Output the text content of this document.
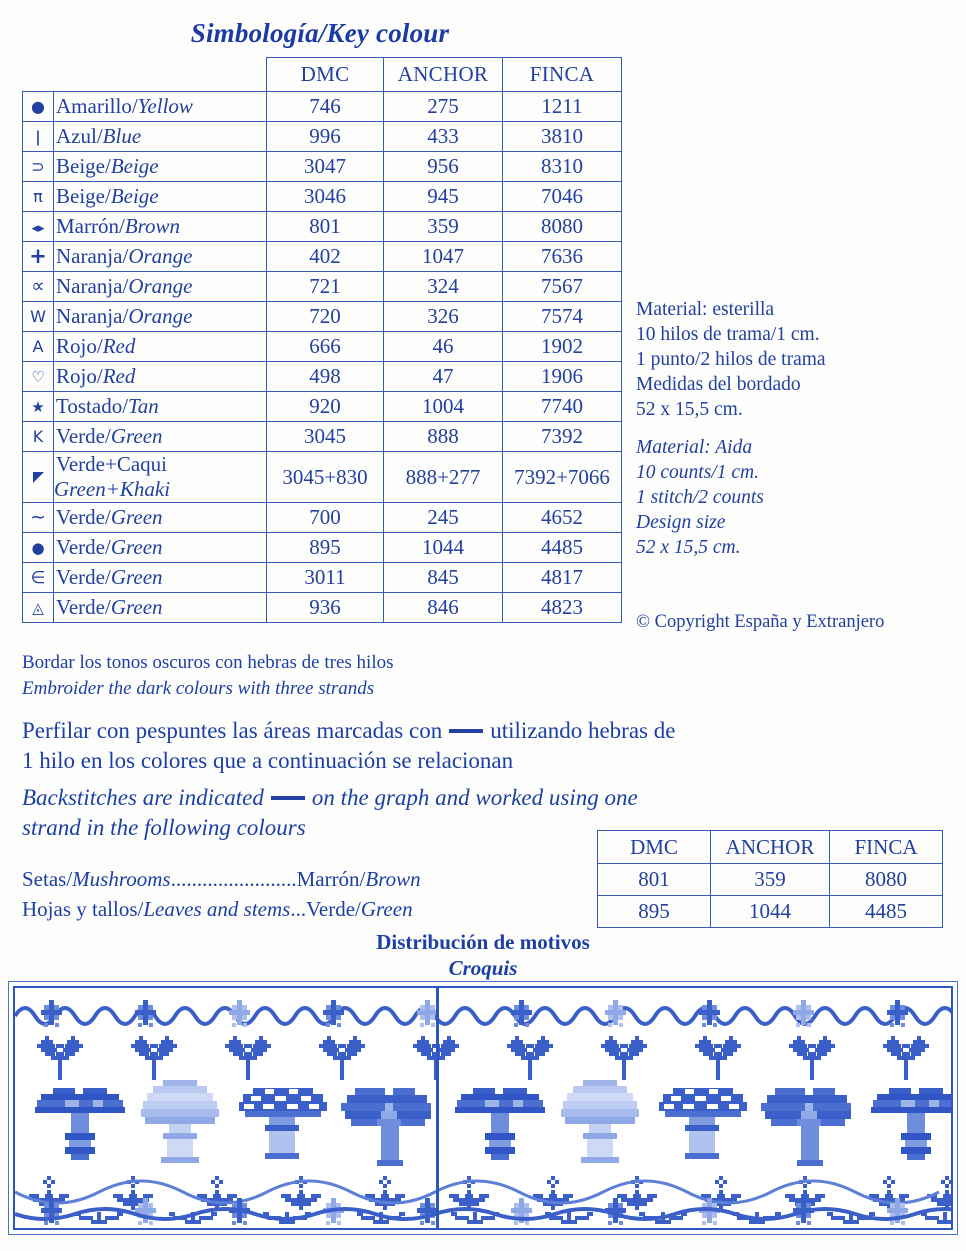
Simbología/Key colour
		DMC	ANCHOR	FINCA
●	Amarillo/Yellow	746	275	1211
ǀ	Azul/Blue	996	433	3810
⊃	Beige/Beige	3047	956	8310
π	Beige/Beige	3046	945	7046
◂▸	Marrón/Brown	801	359	8080
+	Naranja/Orange	402	1047	7636
∝	Naranja/Orange	721	324	7567
W	Naranja/Orange	720	326	7574
A	Rojo/Red	666	46	1902
♡	Rojo/Red	498	47	1906
★	Tostado/Tan	920	1004	7740
Κ	Verde/Green	3045	888	7392
	Verde+Caqui
Green+Khaki	3045+830	888+277	7392+7066
~	Verde/Green	700	245	4652
●	Verde/Green	895	1044	4485
∈	Verde/Green	3011	845	4817
◬	Verde/Green	936	846	4823
Material: esterilla
10 hilos de trama/1 cm.
1 punto/2 hilos de trama
Medidas del bordado
52 x 15,5 cm.
Material: Aida
10 counts/1 cm.
1 stitch/2 counts
Design size
52 x 15,5 cm.
© Copyright España y Extranjero
Bordar los tonos oscuros con hebras de tres hilos
Embroider the dark colours with three strands
Perfilar con pespuntes las áreas marcadas con utilizando hebras de
1 hilo en los colores que a continuación se relacionan
Backstitches are indicated on the graph and worked using one
strand in the following colours
Setas/Mushrooms........................Marrón/Brown
Hojas y tallos/Leaves and stems...Verde/Green
DMC	ANCHOR	FINCA
801	359	8080
895	1044	4485
Distribución de motivos
Croquis
